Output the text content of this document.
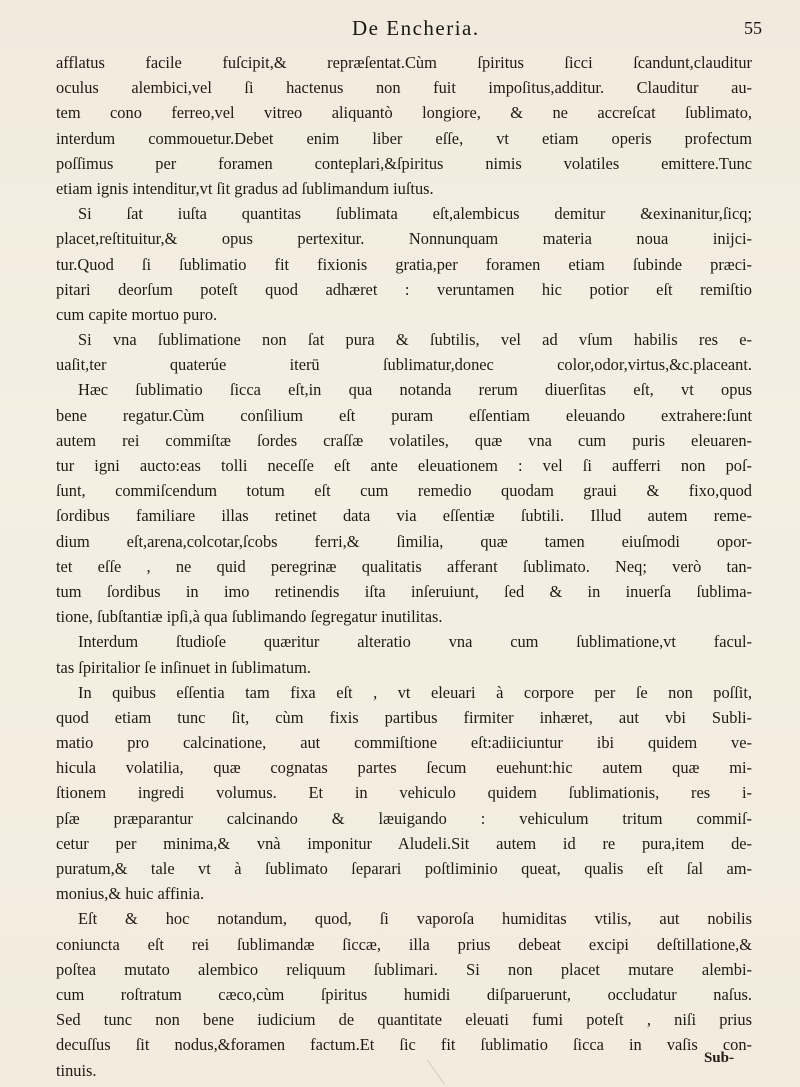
De Encheria.	55
afflatus facile fuſcipit,& repræſentat.Cùm ſpiritus ſicci ſcandunt,clauditur
oculus alembici,vel ſi hactenus non fuit impoſitus,additur. Clauditur au-
tem cono ferreo,vel vitreo aliquantò longiore, & ne accreſcat ſublimato,
interdum commouetur.Debet enim liber eſſe, vt etiam operis profectum
poſſimus per foramen conteplari,&ſpiritus nimis volatiles emittere.Tunc
etiam ignis intenditur,vt ſit gradus ad ſublimandum iuſtus.
Si ſat iuſta quantitas ſublimata eſt,alembicus demitur &exinanitur,ſicq;
placet,reſtituitur,& opus pertexitur. Nonnunquam materia noua inijci-
tur.Quod ſi ſublimatio fit fixionis gratia,per foramen etiam ſubinde præci-
pitari deorſum poteſt quod adhæret : veruntamen hic potior eſt remiſtio
cum capite mortuo puro.
Si vna ſublimatione non ſat pura & ſubtilis, vel ad vſum habilis res e-
uaſit,ter quaterúe iterū ſublimatur,donec color,odor,virtus,&c.placeant.
Hæc ſublimatio ſicca eſt,in qua notanda rerum diuerſitas eſt, vt opus
bene regatur.Cùm conſilium eſt puram eſſentiam eleuando extrahere:ſunt
autem rei commiſtæ ſordes craſſæ volatiles, quæ vna cum puris eleuaren-
tur igni aucto:eas tolli neceſſe eſt ante eleuationem : vel ſi aufferri non poſ-
ſunt, commiſcendum totum eſt cum remedio quodam graui & fixo,quod
ſordibus familiare illas retinet data via eſſentiæ ſubtili. Illud autem reme-
dium eſt,arena,colcotar,ſcobs ferri,& ſimilia, quæ tamen eiuſmodi opor-
tet eſſe , ne quid peregrinæ qualitatis afferant ſublimato. Neq; verò tan-
tum ſordibus in imo retinendis iſta inſeruiunt, ſed & in inuerſa ſublima-
tione, ſubſtantiæ ipſi,à qua ſublimando ſegregatur inutilitas.
Interdum ſtudioſe quæritur alteratio vna cum ſublimatione,vt facul-
tas ſpiritalior ſe inſinuet in ſublimatum.
In quibus eſſentia tam fixa eſt , vt eleuari à corpore per ſe non poſſit,
quod etiam tunc ſit, cùm fixis partibus firmiter inhæret, aut vbi Subli-
matio pro calcinatione, aut commiſtione eſt:adiiciuntur ibi quidem ve-
hicula volatilia, quæ cognatas partes ſecum euehunt:hic autem quæ mi-
ſtionem ingredi volumus. Et in vehiculo quidem ſublimationis, res i-
pſæ præparantur calcinando & læuigando : vehiculum tritum commiſ-
cetur per minima,& vnà imponitur Aludeli.Sit autem id re pura,item de-
puratum,& tale vt à ſublimato ſeparari poſtliminio queat, qualis eſt ſal am-
monius,& huic affinia.
Eſt & hoc notandum, quod, ſi vaporoſa humiditas vtilis, aut nobilis
coniuncta eſt rei ſublimandæ ſiccæ, illa prius debeat excipi deſtillatione,&
poſtea mutato alembico reliquum ſublimari. Si non placet mutare alembi-
cum roſtratum cæco,cùm ſpiritus humidi diſparuerunt, occludatur naſus.
Sed tunc non bene iudicium de quantitate eleuati fumi poteſt , niſi prius
decuſſus ſit nodus,&foramen factum.Et ſic fit ſublimatio ſicca in vaſis con-
tinuis.
Sub-
